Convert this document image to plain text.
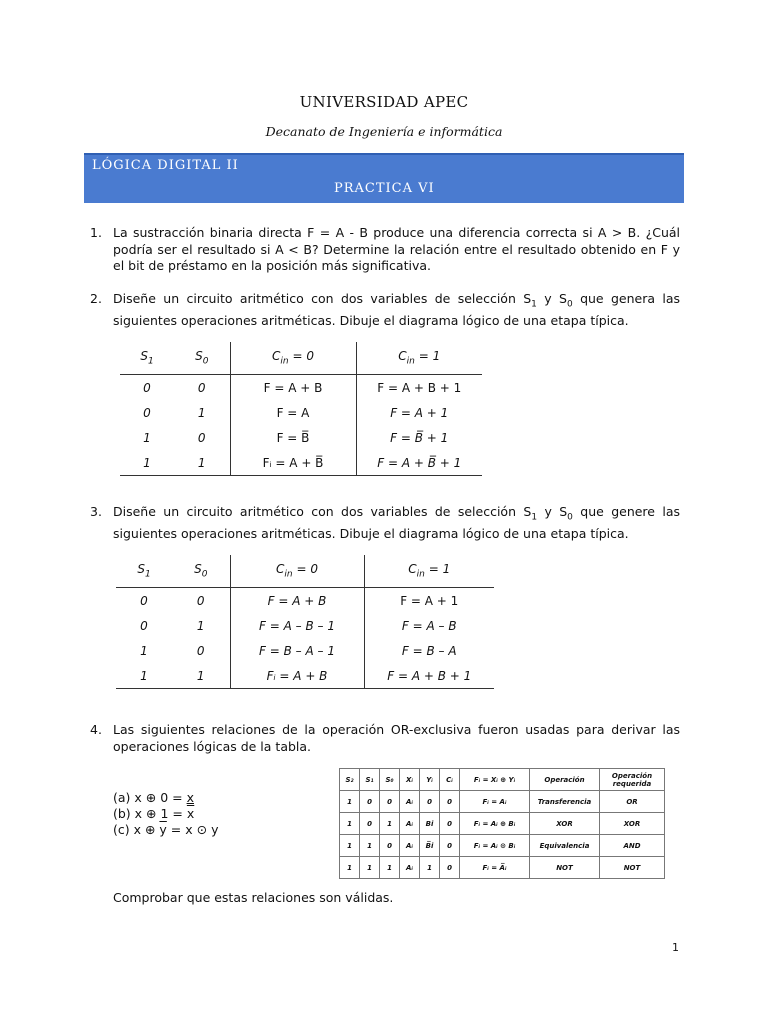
UNIVERSIDAD APEC
Decanato de Ingeniería e informática
LÓGICA DIGITAL II
PRACTICA VI
1. La sustracción binaria directa F = A - B produce una diferencia correcta si A > B. ¿Cuál podría ser el resultado si A < B? Determine la relación entre el resultado obtenido en F y el bit de préstamo en la posición más significativa.
2. Diseñe un circuito aritmético con dos variables de selección $S_1$ y $S_0$ que genera las siguientes operaciones aritméticas. Dibuje el diagrama lógico de una etapa típica.
$S_1$	$S_0$	$C_{in} = 0$	$C_{in} = 1$
0	0	F = A + B	F = A + B + 1
0	1	F = A	F = A + 1
1	0	F = B̅	F = B̅ + 1
1	1	Fᵢ = A + B̅	F = A + B̅ + 1
3. Diseñe un circuito aritmético con dos variables de selección $S_1$ y $S_0$ que genere las siguientes operaciones aritméticas. Dibuje el diagrama lógico de una etapa típica.
$S_1$	$S_0$	$C_{in} = 0$	$C_{in} = 1$
0	0	F = A + B	F = A + 1
0	1	F = A – B – 1	F = A – B
1	0	F = B – A – 1	F = B – A
1	1	Fᵢ = A + B	F = A + B + 1
4. Las siguientes relaciones de la operación OR-exclusiva fueron usadas para derivar las operaciones lógicas de la tabla.
(a) x ⊕ 0 = x
(b) x ⊕ $1 = \overline{x}$
(c) x ⊕ $\overline{y} = x$ ⊙ y
S₂	S₁	S₀	Xᵢ	Yᵢ	Cᵢ	Fᵢ = Xᵢ ⊕ Yᵢ	Operación	Operación requerida
1	0	0	Aᵢ	0	0	Fᵢ = Aᵢ	Transferencia	OR
1	0	1	Aᵢ	Bi	0	Fᵢ = Aᵢ ⊕ Bᵢ	XOR	XOR
1	1	0	Aᵢ	B̅i	0	Fᵢ = Aᵢ ⊙ Bᵢ	Equivalencia	AND
1	1	1	Aᵢ	1	0	Fᵢ = A̅ᵢ	NOT	NOT
Comprobar que estas relaciones son válidas.
1
